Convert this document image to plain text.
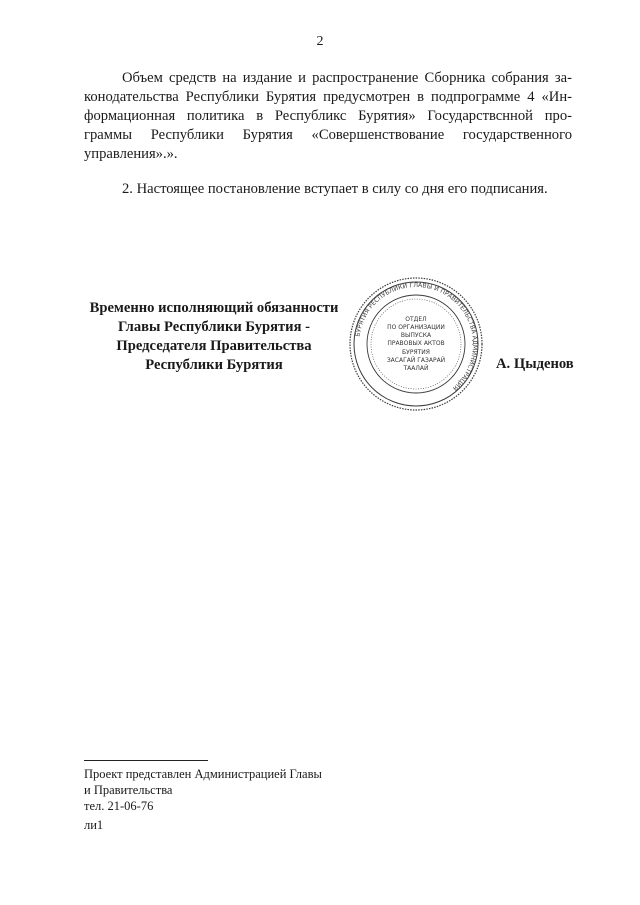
2
Объем средств на издание и распространение Сборника собрания за-
конодательства Республики Бурятия предусмотрен в подпрограмме 4 «Ин-
формационная политика в Республикс Бурятия» Государствснной про-
граммы Республики Бурятия «Совершенствование государственного
управления».».
2. Настоящее постановление вступает в силу со дня его подписания.
Временно исполняющий обязанности
Главы Республики Бурятия -
Председателя Правительства
Республики Бурятия
БУРЯТИЯ РЕСПУБЛИКИ ГЛАВЫ И ПРАВИТЕЛЬСТВА АДМИНИСТРАЦИЯ
ОТДЕЛ
ПО ОРГАНИЗАЦИИ
ВЫПУСКА
ПРАВОВЫХ АКТОВ
БУРЯТИЯ
ЗАСАГАЙ ГАЗАРАЙ
ТААЛАЙ	А. Цыденов
Проект представлен Администрацией Главы
и Правительства
тел. 21-06-76
ли1
